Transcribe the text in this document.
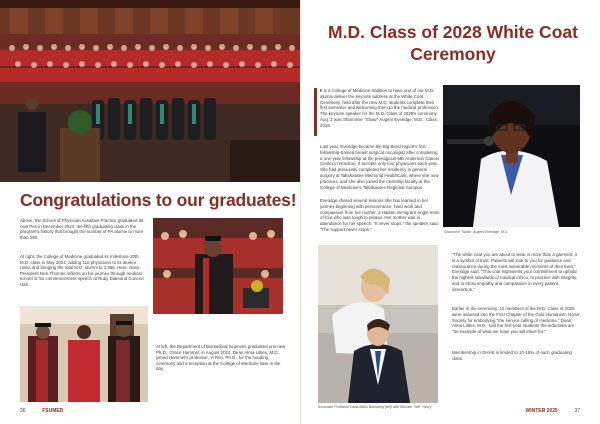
Congratulations to our graduates!

Above, the School of Physician Assistant Practice graduated 58 new PAs in December 2023, the fifth graduating class in the program's history that brought the number of PA alumni to more than 250.

At right, the College of Medicine graduated its milestone 20th M.D. class in May 2024, adding 110 physicians to its alumni ranks and bringing the total M.D. alumni to 1,956. Here, class President Nick Thomas reflects on his journey through medical school in his commencement speech at Ruby Diamond Concert Hall.

At left, the Department of Biomedical Sciences graduated one new Ph.D., Grace Hammel, in August 2024. Dean Alma Littles, M.D., joined Hammel's professor, Yi Ren, Ph.D., for the hooding ceremony and a reception at the College of Medicine later in the day.

36	FSUMED
M.D. Class of 2028 White Coat Ceremony

It is a College of Medicine tradition to have one of our M.D. alumni deliver the keynote address at the White Coat Ceremony, held after the new M.D. students complete their first semester and welcoming them to the medical profession. The keynote speaker for the M.D. Class of 2028's ceremony Aug. 2 was Sharmmie "Shaw" Augent Everidge, M.D., Class 2016.

Last year, Everidge became the Big Bend region's first fellowship-trained breast surgical oncologist after completing a one-year fellowship at the prestigious MD Anderson Cancer Center in Houston. It accepts only four physicians each year. She had previously completed her residency in general surgery at Tallahassee Memorial HealthCare, where she now practices, and she also joined the clerkship faculty at the College of Medicine's Tallahassee Regional Campus.

Everidge shared several lessons she has learned in her journey beginning with perseverance, hard work and compassion from her mother, a Haitian immigrant single mom of four who was tough to please. Her mother was in attendance for her speech. "It never stops," the speaker said. "The support never stops."

Sharmmie "Shaw" Augent Everidge, M.D.
Associate Professor Dana Akiko Bansberg (left) with Michael "Will" Yancy

"The white coat you are about to wear is more than a garment; it is a symbol of trust. Patients will look to you for guidance and reassurance during the most vulnerable moments of their lives," Everidge said. "This coat represents your commitment to uphold the highest standards of medical ethics, to practice with integrity, and to show empathy and compassion in every patient interaction."

Earlier in the ceremony, 12 members of the M.D. Class of 2025 were inducted into the FSU Chapter of the Gold Humanism Honor Society for embodying "the service calling of medicine." Dean Alma Littles, M.D., told the first-year students the inductees are "an example of what we hope you will strive for."

Membership in GHHS is limited to 10-15% of each graduating class.

WINTER 2025	37
